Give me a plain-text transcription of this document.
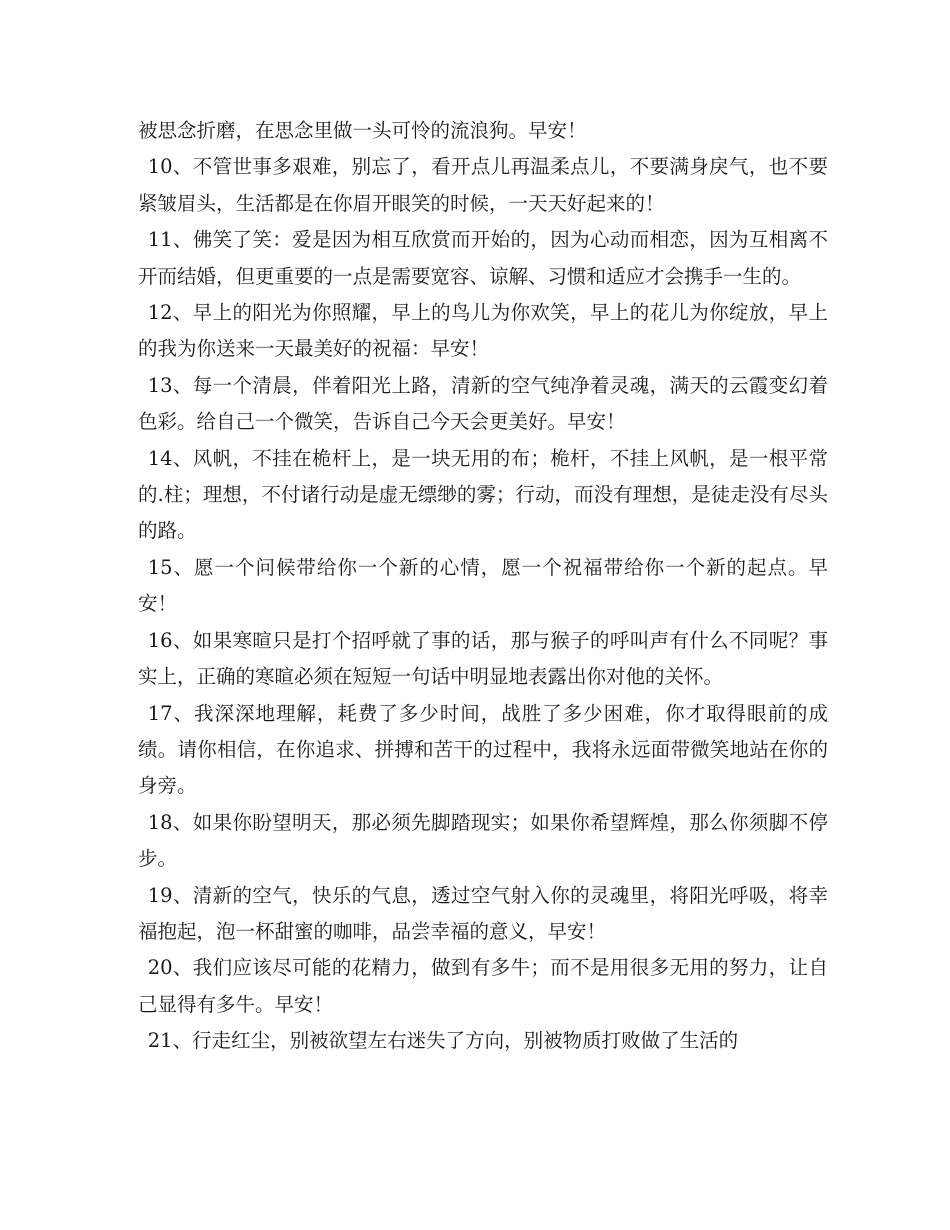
被思念折磨，在思念里做一头可怜的流浪狗。早安！

10、不管世事多艰难，别忘了，看开点儿再温柔点儿，不要满身戾气，也不要紧皱眉头，生活都是在你眉开眼笑的时候，一天天好起来的！

11、佛笑了笑：爱是因为相互欣赏而开始的，因为心动而相恋，因为互相离不开而结婚，但更重要的一点是需要宽容、谅解、习惯和适应才会携手一生的。

12、早上的阳光为你照耀，早上的鸟儿为你欢笑，早上的花儿为你绽放，早上的我为你送来一天最美好的祝福：早安！

13、每一个清晨，伴着阳光上路，清新的空气纯净着灵魂，满天的云霞变幻着色彩。给自己一个微笑，告诉自己今天会更美好。早安！

14、风帆，不挂在桅杆上，是一块无用的布；桅杆，不挂上风帆，是一根平常的.柱；理想，不付诸行动是虚无缥缈的雾；行动，而没有理想，是徒走没有尽头的路。

15、愿一个问候带给你一个新的心情，愿一个祝福带给你一个新的起点。早安！

16、如果寒暄只是打个招呼就了事的话，那与猴子的呼叫声有什么不同呢？事实上，正确的寒暄必须在短短一句话中明显地表露出你对他的关怀。

17、我深深地理解，耗费了多少时间，战胜了多少困难，你才取得眼前的成绩。请你相信，在你追求、拼搏和苦干的过程中，我将永远面带微笑地站在你的身旁。

18、如果你盼望明天，那必须先脚踏现实；如果你希望辉煌，那么你须脚不停步。

19、清新的空气，快乐的气息，透过空气射入你的灵魂里，将阳光呼吸，将幸福抱起，泡一杯甜蜜的咖啡，品尝幸福的意义，早安！

20、我们应该尽可能的花精力，做到有多牛；而不是用很多无用的努力，让自己显得有多牛。早安！

21、行走红尘，别被欲望左右迷失了方向，别被物质打败做了生活的
